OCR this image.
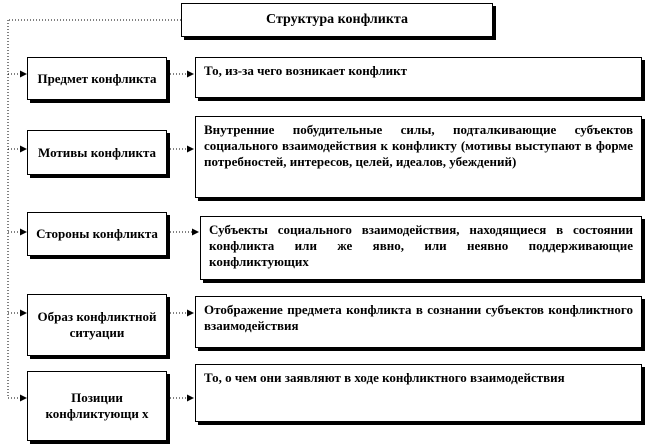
Структура конфликта
Предмет конфликта	То, из-за чего возникает конфликт
Мотивы конфликта
Внутренние побудительные силы, подталкивающие субъектов социального взаимодействия к конфликту (мотивы выступают в форме потребностей, интересов, целей, идеалов, убеждений)
Стороны конфликта	Субъекты социального взаимодействия, находящиеся в состоянии конфликта или же явно, или неявно поддерживающие конфликтующих
Образ конфликтной ситуации
Отображение предмета конфликта в сознании субъектов конфликтного взаимодействия
Позиции конфликтующи х
То, о чем они заявляют в ходе конфликтного взаимодействия
